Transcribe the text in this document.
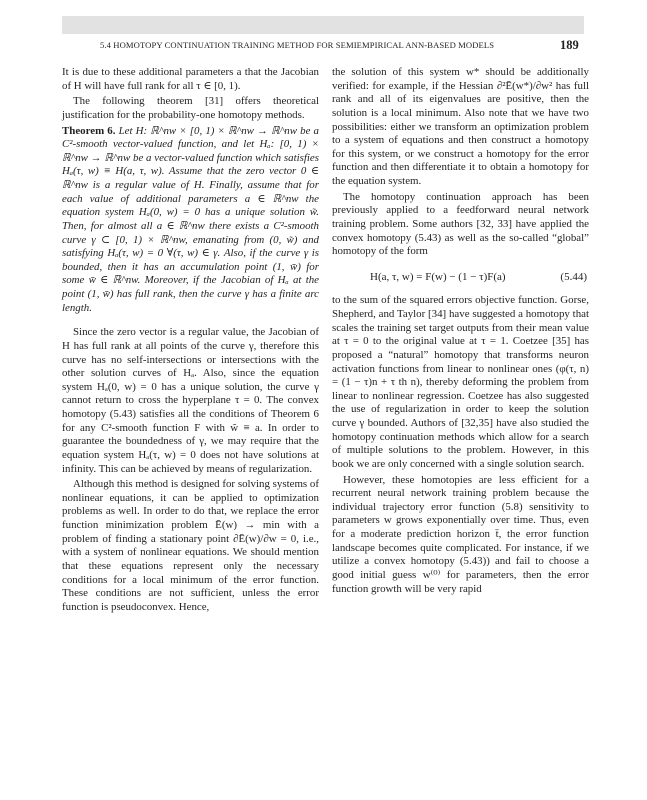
5.4 HOMOTOPY CONTINUATION TRAINING METHOD FOR SEMIEMPIRICAL ANN-BASED MODELS	189

It is due to these additional parameters a that the Jacobian of H will have full rank for all τ ∈ [0, 1).

The following theorem [31] offers theoretical justification for the probability-one homotopy methods.

Theorem 6. Let H: ℝ^nw × [0, 1) × ℝ^nw → ℝ^nw be a C²-smooth vector-valued function, and let Hₐ: [0, 1) × ℝ^nw → ℝ^nw be a vector-valued function which satisfies Hₐ(τ, w) ≡ H(a, τ, w). Assume that the zero vector 0 ∈ ℝ^nw is a regular value of H. Finally, assume that for each value of additional parameters a ∈ ℝ^nw the equation system Hₐ(0, w) = 0 has a unique solution w̃. Then, for almost all a ∈ ℝ^nw there exists a C²-smooth curve γ ⊂ [0, 1) × ℝ^nw, emanating from (0, w̃) and satisfying Hₐ(τ, w) = 0 ∀(τ, w) ∈ γ. Also, if the curve γ is bounded, then it has an accumulation point (1, w̄) for some w̄ ∈ ℝ^nw. Moreover, if the Jacobian of Hₐ at the point (1, w̄) has full rank, then the curve γ has a finite arc length.

Since the zero vector is a regular value, the Jacobian of H has full rank at all points of the curve γ, therefore this curve has no self-intersections or intersections with the other solution curves of Hₐ. Also, since the equation system Hₐ(0, w) = 0 has a unique solution, the curve γ cannot return to cross the hyperplane τ = 0. The convex homotopy (5.43) satisfies all the conditions of Theorem 6 for any C²-smooth function F with w̃ ≡ a. In order to guarantee the boundedness of γ, we may require that the equation system Hₐ(τ, w) = 0 does not have solutions at infinity. This can be achieved by means of regularization.

Although this method is designed for solving systems of nonlinear equations, it can be applied to optimization problems as well. In order to do that, we replace the error function minimization problem Ē(w) → min with a problem of finding a stationary point ∂Ē(w)/∂w = 0, i.e., with a system of nonlinear equations. We should mention that these equations represent only the necessary conditions for a local minimum of the error function. These conditions are not sufficient, unless the error function is pseudoconvex. Hence,

the solution of this system w* should be additionally verified: for example, if the Hessian ∂²Ē(w*)/∂w² has full rank and all of its eigenvalues are positive, then the solution is a local minimum. Also note that we have two possibilities: either we transform an optimization problem to a system of equations and then construct a homotopy for this system, or we construct a homotopy for the error function and then differentiate it to obtain a homotopy for the equation system.

The homotopy continuation approach has been previously applied to a feedforward neural network training problem. Some authors [32, 33] have applied the convex homotopy (5.43) as well as the so-called “global” homotopy of the form

H(a, τ, w) = F(w) − (1 − τ)F(a)	(5.44)

to the sum of the squared errors objective function. Gorse, Shepherd, and Taylor [34] have suggested a homotopy that scales the training set target outputs from their mean value at τ = 0 to the original value at τ = 1. Coetzee [35] has proposed a “natural” homotopy that transforms neuron activation functions from linear to nonlinear ones (φ(τ, n) = (1 − τ)n + τ th n), thereby deforming the problem from linear to nonlinear regression. Coetzee has also suggested the use of regularization in order to keep the solution curve γ bounded. Authors of [32,35] have also studied the homotopy continuation methods which allow for a search of multiple solutions to the problem. However, in this book we are only concerned with a single solution search.

However, these homotopies are less efficient for a recurrent neural network training problem because the individual trajectory error function (5.8) sensitivity to parameters w grows exponentially over time. Thus, even for a moderate prediction horizon t̄, the error function landscape becomes quite complicated. For instance, if we utilize a convex homotopy (5.43)) and fail to choose a good initial guess w⁽⁰⁾ for parameters, then the error function growth will be very rapid
